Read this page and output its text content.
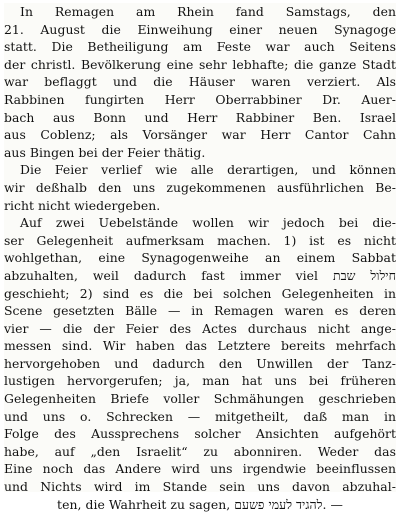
In Remagen am Rhein fand Samstags, den
21. August die Einweihung einer neuen Synagoge
statt. Die Betheiligung am Feste war auch Seitens
der christl. Bevölkerung eine sehr lebhafte; die ganze Stadt
war beflaggt und die Häuser waren verziert. Als
Rabbinen fungirten Herr Oberrabbiner Dr. Auer-
bach aus Bonn und Herr Rabbiner Ben. Israel
aus Coblenz; als Vorsänger war Herr Cantor Cahn
aus Bingen bei der Feier thätig.
Die Feier verlief wie alle derartigen, und können
wir deßhalb den uns zugekommenen ausführlichen Be-
richt nicht wiedergeben.
Auf zwei Uebelstände wollen wir jedoch bei die-
ser Gelegenheit aufmerksam machen. 1) ist es nicht
wohlgethan, eine Synagogenweihe an einem Sabbat
abzuhalten, weil dadurch fast immer viel חילול שבת
geschieht; 2) sind es die bei solchen Gelegenheiten in
Scene gesetzten Bälle — in Remagen waren es deren
vier — die der Feier des Actes durchaus nicht ange-
messen sind. Wir haben das Letztere bereits mehrfach
hervorgehoben und dadurch den Unwillen der Tanz-
lustigen hervorgerufen; ja, man hat uns bei früheren
Gelegenheiten Briefe voller Schmähungen geschrieben
und uns o. Schrecken — mitgetheilt, daß man in
Folge des Aussprechens solcher Ansichten aufgehört
habe, auf „den Israelit“ zu abonniren. Weder das
Eine noch das Andere wird uns irgendwie beeinflussen
und Nichts wird im Stande sein uns davon abzuhal-
ten, die Wahrheit zu sagen, להגיד לעמי פשעם. —
